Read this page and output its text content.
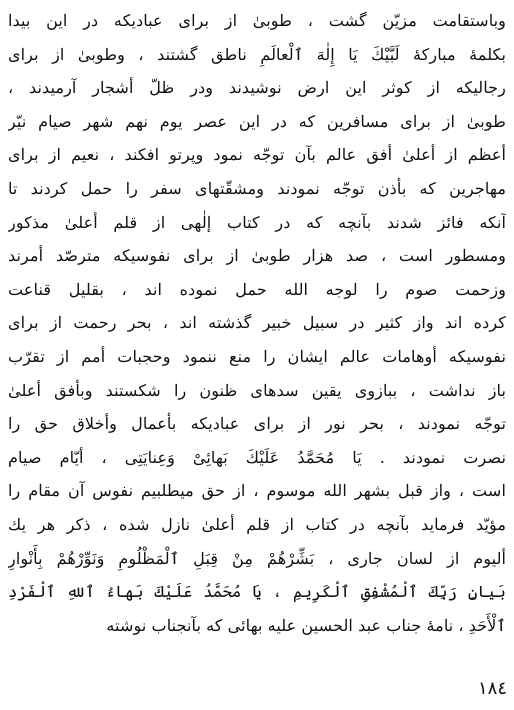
وباستقامت مزيّن گشت ، طوبىٰ از براى عباديكه در اين بيدا
بكلمهٔ مباركهٔ لَبَّيْكَ يَا إِلٰهَ ٱلْعالَمِ ناطق گشتند ، وطوبىٰ از براى
رجاليكه از كوثر اين ارض نوشيدند ودر ظلّ أشجار آرميدند ،
طوبىٰ از براى مسافرين كه در اين عصر يوم نهم شهر صيام نيّر
أعظم از أعلىٰ أفق عالم بآن توجّه نمود وپرتو افكند ، نعيم از براى
مهاجرين كه بأذن توجّه نمودند ومشقّتهاى سفر را حمل كردند تا
آنكه فائز شدند بآنچه كه در كتاب إلٰهى از قلم أعلىٰ مذكور
ومسطور است ، صد هزار طوبىٰ از براى نفوسيكه مترصّد أمرند
وزحمت صوم را لوجه الله حمل نموده اند ، بقليل قناعت
كرده اند واز كثير در سبيل خبير گذشته اند ، بحر رحمت از براى
نفوسيكه أوهامات عالم ايشان را منع ننمود وحجبات أمم از تقرّب
باز نداشت ، ببازوى يقين سدهاى ظنون را شكستند وبأفق أعلىٰ
توجّه نمودند ، بحر نور از براى عباديكه بأعمال وأخلاق حق را
نصرت نمودند . يَا مُحَمَّدُ عَلَيْكَ بَهائِىْ وَعِنايَتِى ، أيّام صيام
است ، واز قبل بشهر الله موسوم ، از حق ميطلبيم نفوس آن مقام را
مؤيّد فرمايد بآنچه در كتاب از قلم أعلىٰ نازل شده ، ذكر هر يك
أليوم از لسان جارى ، بَشِّرْهُمْ مِنْ قِبَلِ ٱلْمَظْلُومِ وَنَوِّرْهُمْ بِأَنْوارِ
بَيانِ رَبِّكَ ٱلْمُشْفِقِ ٱلْكَرِيمِ ، يَا مُحَمَّدُ عَلَيْكَ بَهاءُ ٱللهِ ٱلْفَرْدِ
ٱلْأَحَدِ ، نامهٔ جناب عبد الحسين عليه بهائى كه بآنجناب نوشته
١٨٤
